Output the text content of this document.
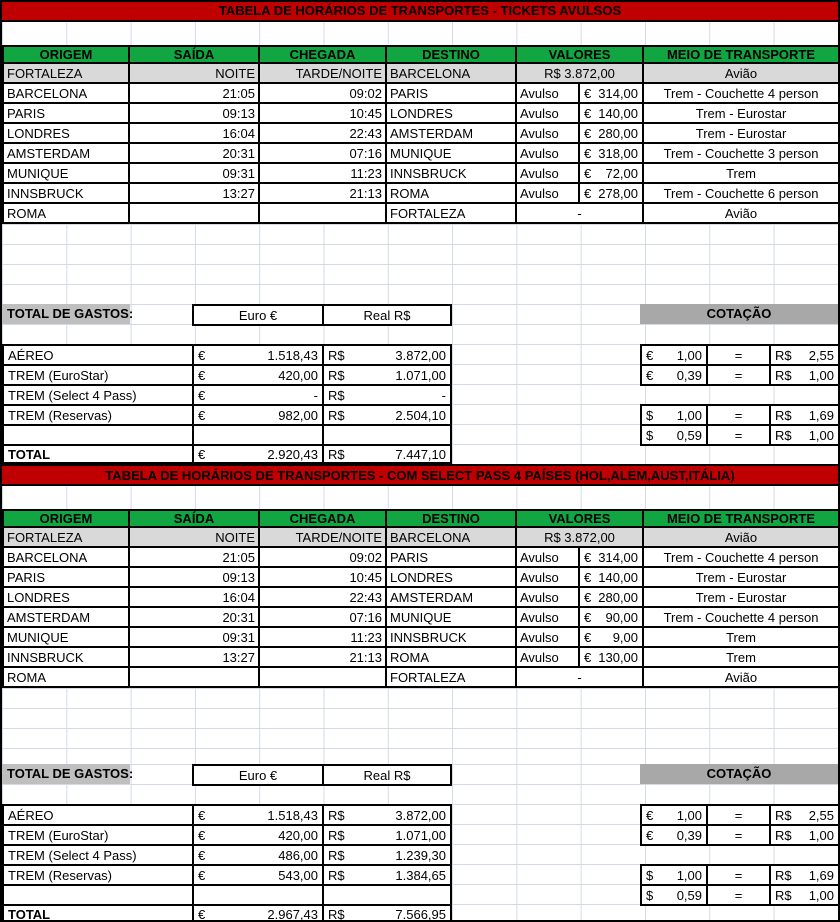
TABELA DE HORÁRIOS DE TRANSPORTES - TICKETS AVULSOS
ORIGEM	SAÍDA	CHEGADA	DESTINO	VALORES		MEIO DE TRANSPORTE
FORTALEZA	NOITE	TARDE/NOITE	BARCELONA	R$ 3.872,00		Avião
BARCELONA	21:05	09:02	PARIS	Avulso	€ 314,00	Trem - Couchette 4 person
PARIS	09:13	10:45	LONDRES	Avulso	€ 140,00	Trem - Eurostar
LONDRES	16:04	22:43	AMSTERDAM	Avulso	€ 280,00	Trem - Eurostar
AMSTERDAM	20:31	07:16	MUNIQUE	Avulso	€ 318,00	Trem - Couchette 3 person
MUNIQUE	09:31	11:23	INNSBRUCK	Avulso	€ 72,00	Trem
INNSBRUCK	13:27	21:13	ROMA	Avulso	€ 278,00	Trem - Couchette 6 person
ROMA			FORTALEZA	-		Avião
TOTAL DE GASTOS:	Euro €	Real R$
AÉREO	€ 1.518,43	R$ 3.872,00

TREM (EuroStar)	€ 420,00	R$ 1.071,00

TREM (Select 4 Pass)	€ -	R$ -

TREM (Reservas)	€ 982,00	R$ 2.504,10

TOTAL	€ 2.920,43	R$ 7.447,10
COTAÇÃO
€ 1,00	=	R$ 2,55

€ 0,39	=	R$ 1,00
$ 1,00	=	R$ 1,69

$ 0,59	=	R$ 1,00
TABELA DE HORÁRIOS DE TRANSPORTES - COM SELECT PASS 4 PAÍSES (HOL,ALEM,AUST,ITÁLIA)
ORIGEM	SAÍDA	CHEGADA	DESTINO	VALORES		MEIO DE TRANSPORTE
FORTALEZA	NOITE	TARDE/NOITE	BARCELONA	R$ 3.872,00		Avião
BARCELONA	21:05	09:02	PARIS	Avulso	€ 314,00	Trem - Couchette 4 person
PARIS	09:13	10:45	LONDRES	Avulso	€ 140,00	Trem - Eurostar
LONDRES	16:04	22:43	AMSTERDAM	Avulso	€ 280,00	Trem - Eurostar
AMSTERDAM	20:31	07:16	MUNIQUE	Avulso	€ 90,00	Trem - Couchette 4 person
MUNIQUE	09:31	11:23	INNSBRUCK	Avulso	€ 9,00	Trem
INNSBRUCK	13:27	21:13	ROMA	Avulso	€ 130,00	Trem
ROMA			FORTALEZA	-		Avião
TOTAL DE GASTOS:	Euro €	Real R$
AÉREO	€ 1.518,43	R$ 3.872,00

TREM (EuroStar)	€ 420,00	R$ 1.071,00

TREM (Select 4 Pass)	€ 486,00	R$ 1.239,30

TREM (Reservas)	€ 543,00	R$ 1.384,65

TOTAL	€ 2.967,43	R$ 7.566,95
COTAÇÃO
€ 1,00	=	R$ 2,55

€ 0,39	=	R$ 1,00
$ 1,00	=	R$ 1,69

$ 0,59	=	R$ 1,00
